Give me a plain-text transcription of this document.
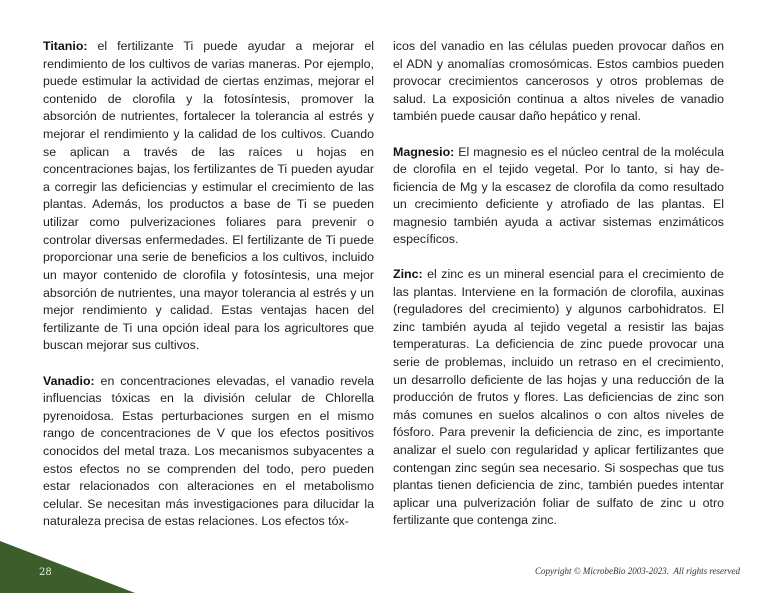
Titanio: el fertilizante Ti puede ayudar a mejorar el rendimiento de los cultivos de varias maneras. Por ejemplo, puede estimular la actividad de ciertas enzimas, mejorar el contenido de clorofila y la fotosíntesis, promover la absorción de nutrientes, fortalecer la tolerancia al estrés y mejorar el rendimiento y la calidad de los cultivos. Cuando se aplican a través de las raíces u hojas en concentraciones bajas, los fertilizantes de Ti pueden ayudar a corregir las deficiencias y estimular el crecimiento de las plantas. Además, los productos a base de Ti se pueden utilizar como pulverizaciones foliares para prevenir o controlar diversas enfermedades. El fertilizante de Ti puede proporcionar una serie de beneficios a los cultivos, incluido un mayor contenido de clorofila y fotosíntesis, una mejor absorción de nutrientes, una mayor tolerancia al estrés y un mejor rendimiento y calidad. Estas ventajas hacen del fertilizante de Ti una opción ideal para los agricultores que buscan mejorar sus cultivos.

Vanadio: en concentraciones elevadas, el vanadio revela influencias tóxicas en la división celular de Chlorella pyrenoidosa. Estas perturbaciones surgen en el mismo rango de concentraciones de V que los efectos positivos conocidos del metal traza. Los mecanismos subyacentes a estos efectos no se comprenden del todo, pero pueden estar relacionados con alteraciones en el metabolismo celular. Se necesitan más investigaciones para dilucidar la naturaleza precisa de estas relaciones. Los efectos tóx-

icos del vanadio en las células pueden provocar daños en el ADN y anomalías cromosómicas. Estos cambios pueden provocar crecimientos cancerosos y otros problemas de salud. La exposición continua a altos niveles de vanadio también puede causar daño hepático y renal.

Magnesio: El magnesio es el núcleo central de la molécula de clorofila en el tejido vegetal. Por lo tanto, si hay deficiencia de Mg y la escasez de clorofila da como resultado un crecimiento deficiente y atrofiado de las plantas. El magnesio también ayuda a activar sistemas enzimáticos específicos.

Zinc: el zinc es un mineral esencial para el crecimiento de las plantas. Interviene en la formación de clorofila, auxinas (reguladores del crecimiento) y algunos carbohidratos. El zinc también ayuda al tejido vegetal a resistir las bajas temperaturas. La deficiencia de zinc puede provocar una serie de problemas, incluido un retraso en el crecimiento, un desarrollo deficiente de las hojas y una reducción de la producción de frutos y flores. Las deficiencias de zinc son más comunes en suelos alcalinos o con altos niveles de fósforo. Para prevenir la deficiencia de zinc, es importante analizar el suelo con regularidad y aplicar fertilizantes que contengan zinc según sea necesario. Si sospechas que tus plantas tienen deficiencia de zinc, también puedes intentar aplicar una pulverización foliar de sulfato de zinc u otro fertilizante que contenga zinc.

28	Copyright © MicrobeBio 2003-2023.  All rights reserved
